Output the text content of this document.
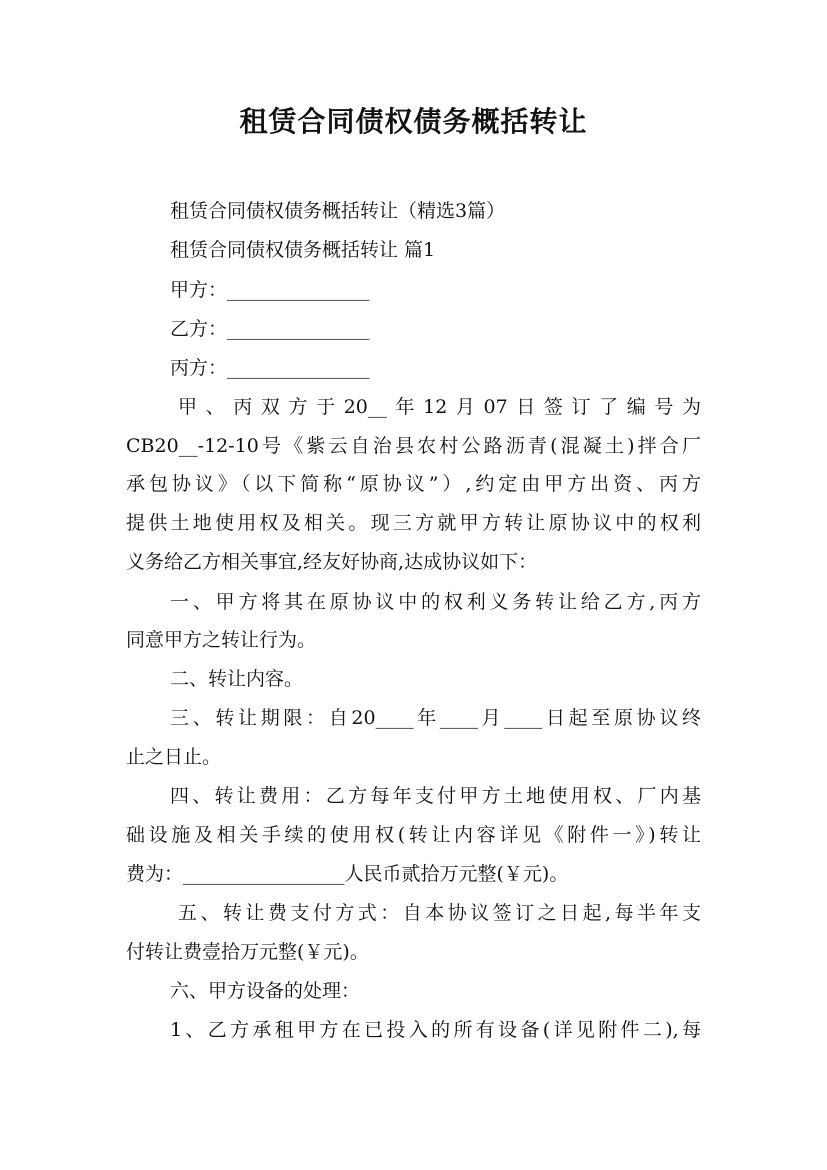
租赁合同债权债务概括转让
租赁合同债权债务概括转让（精选3篇）
租赁合同债权债务概括转让 篇1
甲方：_______________
乙方：_______________
丙方：_______________
甲、丙双方于20__年12月07日签订了编号为
CB20__-12-10号《紫云自治县农村公路沥青(混凝土)拌合厂
承包协议》（以下简称“原协议”）,约定由甲方出资、丙方
提供土地使用权及相关。现三方就甲方转让原协议中的权利
义务给乙方相关事宜,经友好协商,达成协议如下：
一、甲方将其在原协议中的权利义务转让给乙方,丙方
同意甲方之转让行为。
二、转让内容。
三、转让期限：自20____年____月____日起至原协议终
止之日止。
四、转让费用：乙方每年支付甲方土地使用权、厂内基
础设施及相关手续的使用权(转让内容详见《附件一》)转让
费为：_________________人民币贰拾万元整(￥元)。
五、转让费支付方式：自本协议签订之日起,每半年支
付转让费壹拾万元整(￥元)。
六、甲方设备的处理：
1、乙方承租甲方在已投入的所有设备(详见附件二),每
